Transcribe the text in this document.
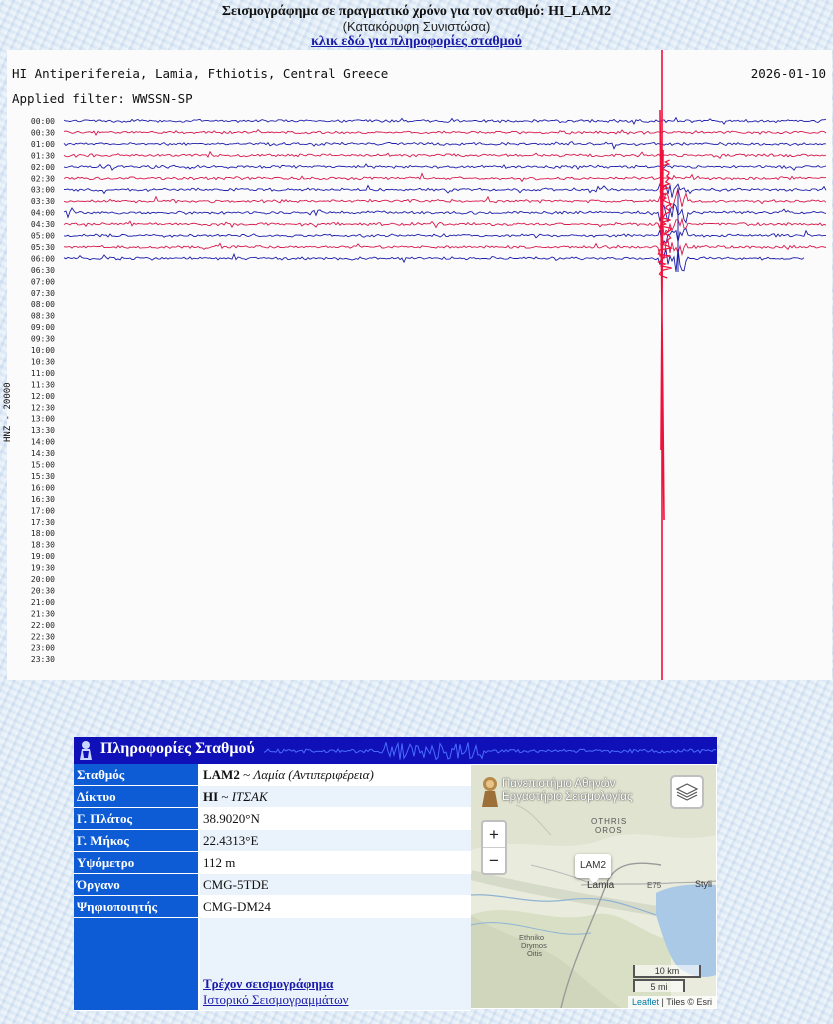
Σεισμογράφημα σε πραγματικό χρόνο για τον σταθμό: HI_LAM2
(Κατακόρυφη Συνιστώσα)
κλικ εδώ για πληροφορίες σταθμού
HI Antiperifereia, Lamia, Fthiotis, Central Greece
Applied filter: WWSSN-SP
2026-01-10
HNZ - 20000
00:00
00:30
01:00
01:30
02:00
02:30
03:00
03:30
04:00
04:30
05:00
05:30
06:00
06:30
07:00
07:30
08:00
08:30
09:00
09:30
10:00
10:30
11:00
11:30
12:00
12:30
13:00
13:30
14:00
14:30
15:00
15:30
16:00
16:30
17:00
17:30
18:00
18:30
19:00
19:30
20:00
20:30
21:00
21:30
22:00
22:30
23:00
23:30
Πληροφορίες Σταθμού
Σταθμός	LAM2 ~ Λαμία (Αντιπεριφέρεια)
Δίκτυο	HI ~ ΙΤΣΑΚ
Γ. Πλάτος	38.9020°N
Γ. Μήκος	22.4313°E
Υψόμετρο	112 m
Όργανο	CMG-5TDE
Ψηφιοποιητής	CMG-DM24

	Τρέχον σεισμογράφημα
Ιστορικό Σεισμογραμμάτων
Πανεπιστήμιο Αθηνών
Εργαστήριο Σεισμολογίας
+
−	LAM2
OTHRIS
OROS
Lamia	E75	Styli
Ethniko
Drymos
Oitis
10 km
5 mi
Leaflet | Tiles © Esri
